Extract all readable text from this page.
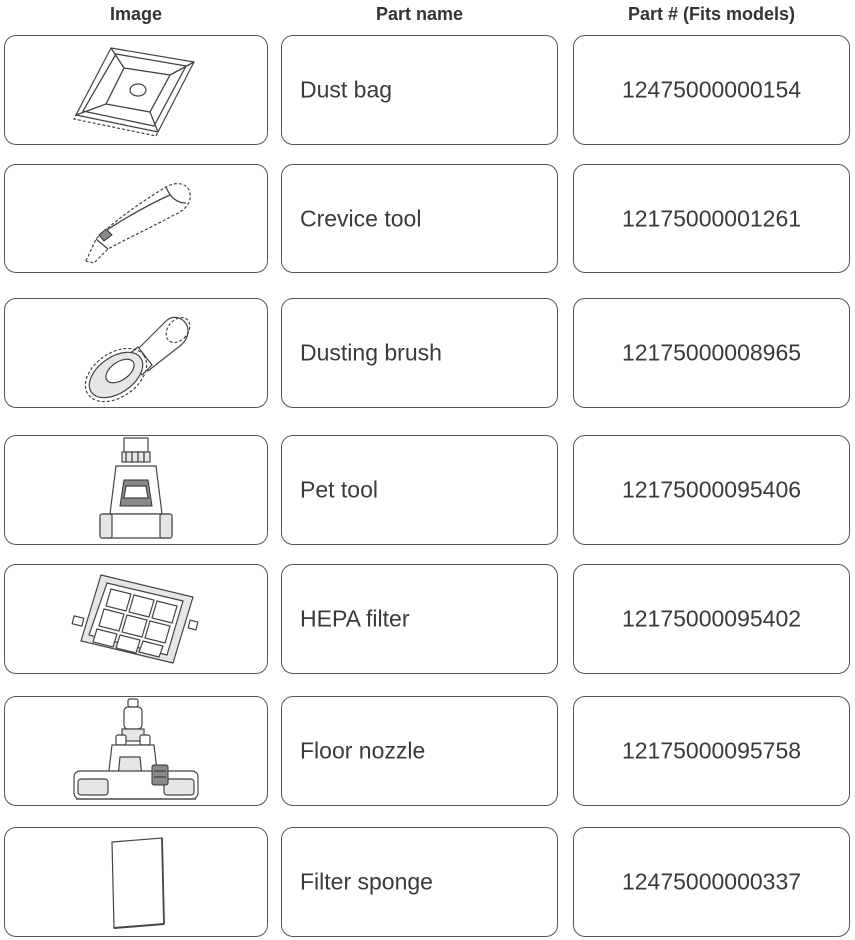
Image	Part name	Part # (Fits models)
Dust bag	12475000000154
Crevice tool	12175000001261
Dusting brush	12175000008965
Pet tool	12175000095406
HEPA filter	12175000095402
Floor nozzle	12175000095758
Filter sponge	12475000000337
